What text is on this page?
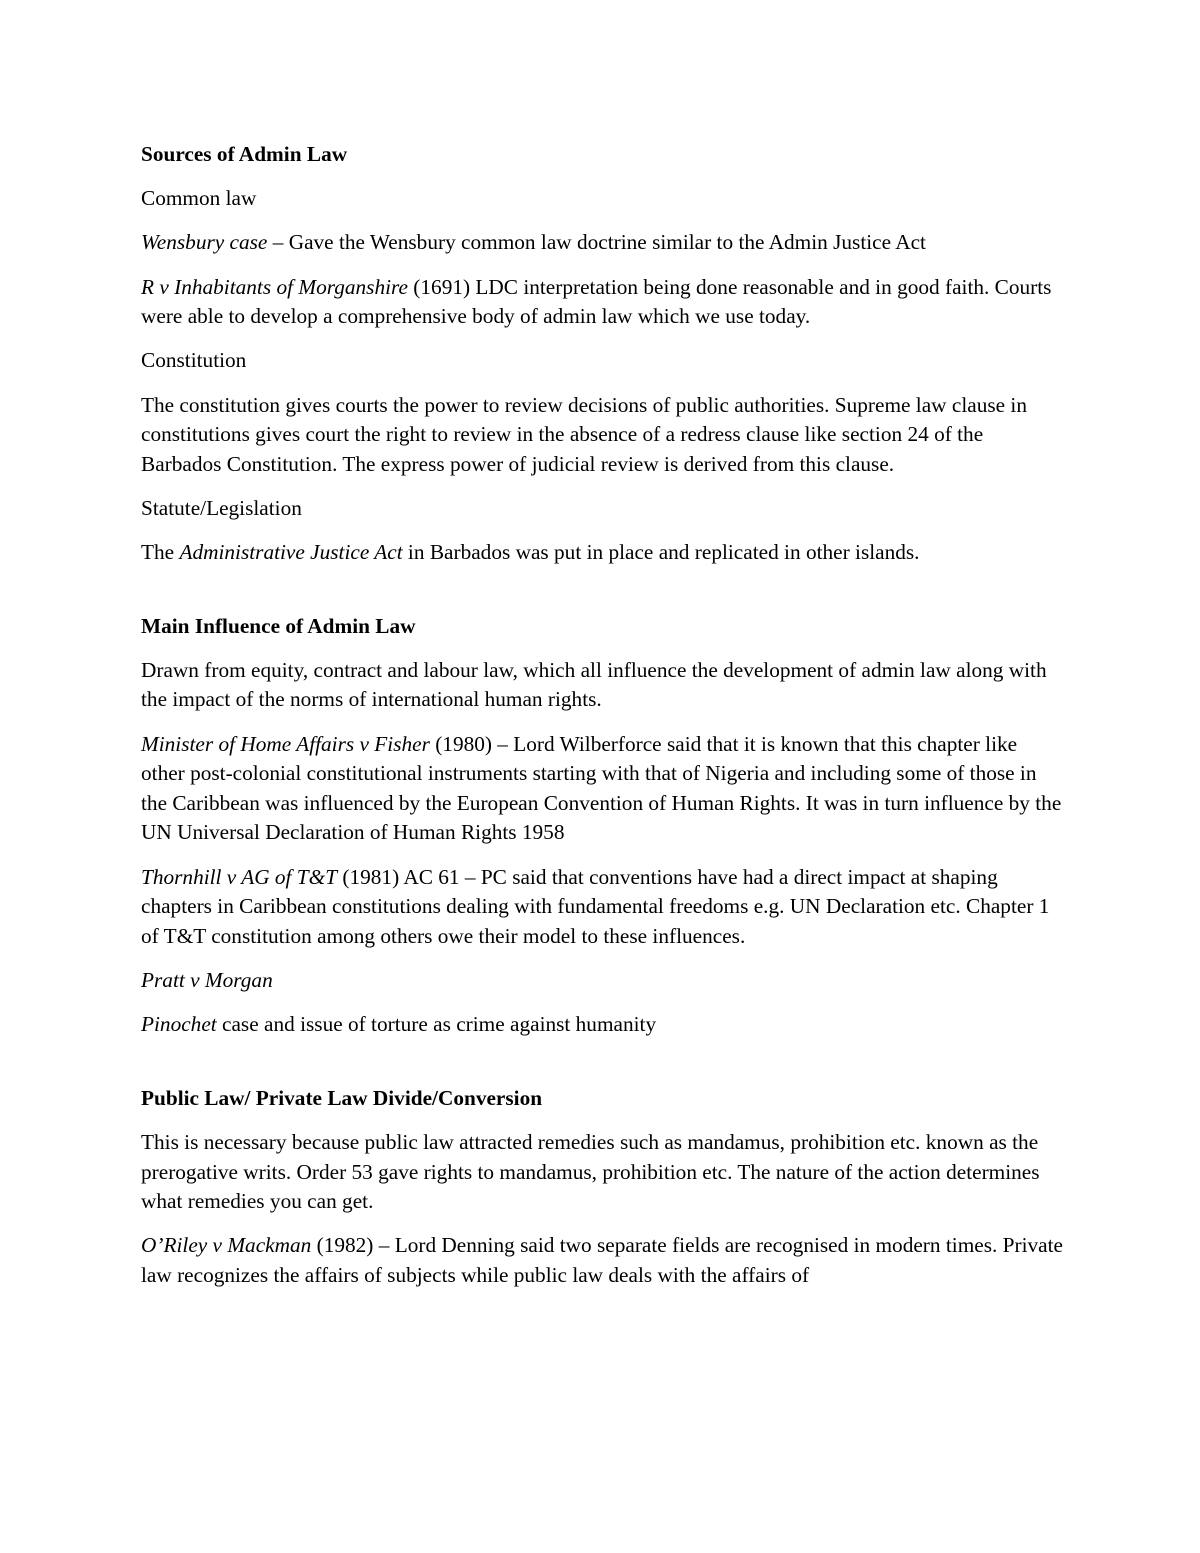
Sources of Admin Law

Common law

Wensbury case – Gave the Wensbury common law doctrine similar to the Admin Justice Act

R v Inhabitants of Morganshire (1691) LDC interpretation being done reasonable and in good faith. Courts were able to develop a comprehensive body of admin law which we use today.

Constitution

The constitution gives courts the power to review decisions of public authorities. Supreme law clause in constitutions gives court the right to review in the absence of a redress clause like section 24 of the Barbados Constitution. The express power of judicial review is derived from this clause.

Statute/Legislation

The Administrative Justice Act in Barbados was put in place and replicated in other islands.

Main Influence of Admin Law

Drawn from equity, contract and labour law, which all influence the development of admin law along with the impact of the norms of international human rights.

Minister of Home Affairs v Fisher (1980) – Lord Wilberforce said that it is known that this chapter like other post-colonial constitutional instruments starting with that of Nigeria and including some of those in the Caribbean was influenced by the European Convention of Human Rights. It was in turn influence by the UN Universal Declaration of Human Rights 1958

Thornhill v AG of T&T (1981) AC 61 – PC said that conventions have had a direct impact at shaping chapters in Caribbean constitutions dealing with fundamental freedoms e.g. UN Declaration etc. Chapter 1 of T&T constitution among others owe their model to these influences.

Pratt v Morgan

Pinochet case and issue of torture as crime against humanity

Public Law/ Private Law Divide/Conversion

This is necessary because public law attracted remedies such as mandamus, prohibition etc. known as the prerogative writs. Order 53 gave rights to mandamus, prohibition etc. The nature of the action determines what remedies you can get.

O’Riley v Mackman (1982) – Lord Denning said two separate fields are recognised in modern times. Private law recognizes the affairs of subjects while public law deals with the affairs of
